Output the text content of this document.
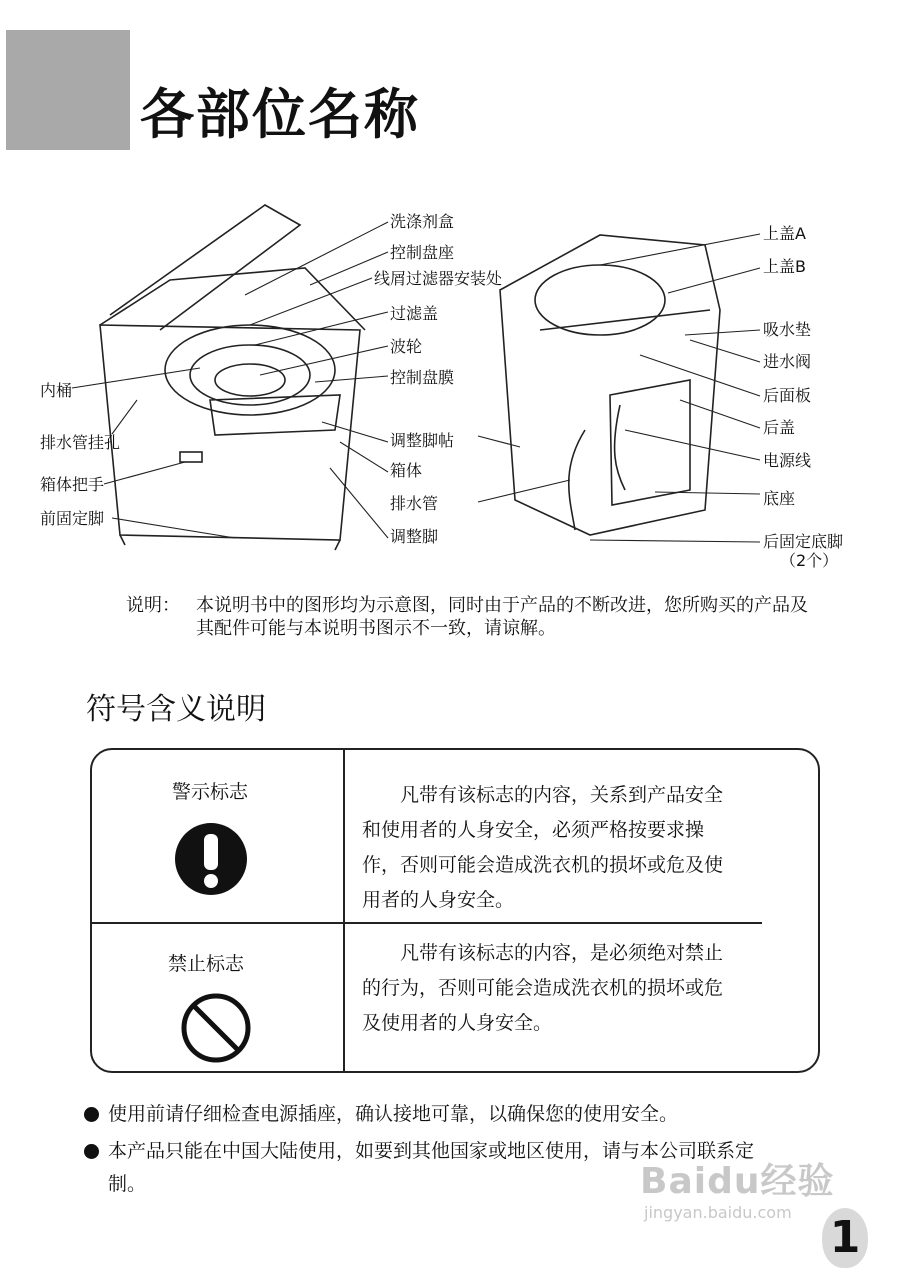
各部位名称
内桶
排水管挂孔
箱体把手
前固定脚
洗涤剂盒
控制盘座
线屑过滤器安装处
过滤盖
波轮
控制盘膜
调整脚帖
箱体
排水管
调整脚
上盖A
上盖B
吸水垫
进水阀
后面板
后盖
电源线
底座
后固定底脚
（2个）
说明： 本说明书中的图形均为示意图，同时由于产品的不断改进，您所购买的产品及其配件可能与本说明书图示不一致，请谅解。
符号含义说明
警示标志	凡带有该标志的内容，关系到产品安全和使用者的人身安全，必须严格按要求操作，否则可能会造成洗衣机的损坏或危及使用者的人身安全。
禁止标志	凡带有该标志的内容，是必须绝对禁止的行为，否则可能会造成洗衣机的损坏或危及使用者的人身安全。
使用前请仔细检查电源插座，确认接地可靠，以确保您的使用安全。
本产品只能在中国大陆使用，如要到其他国家或地区使用，请与本公司联系定制。	Baidu经验
jingyan.baidu.com 1
